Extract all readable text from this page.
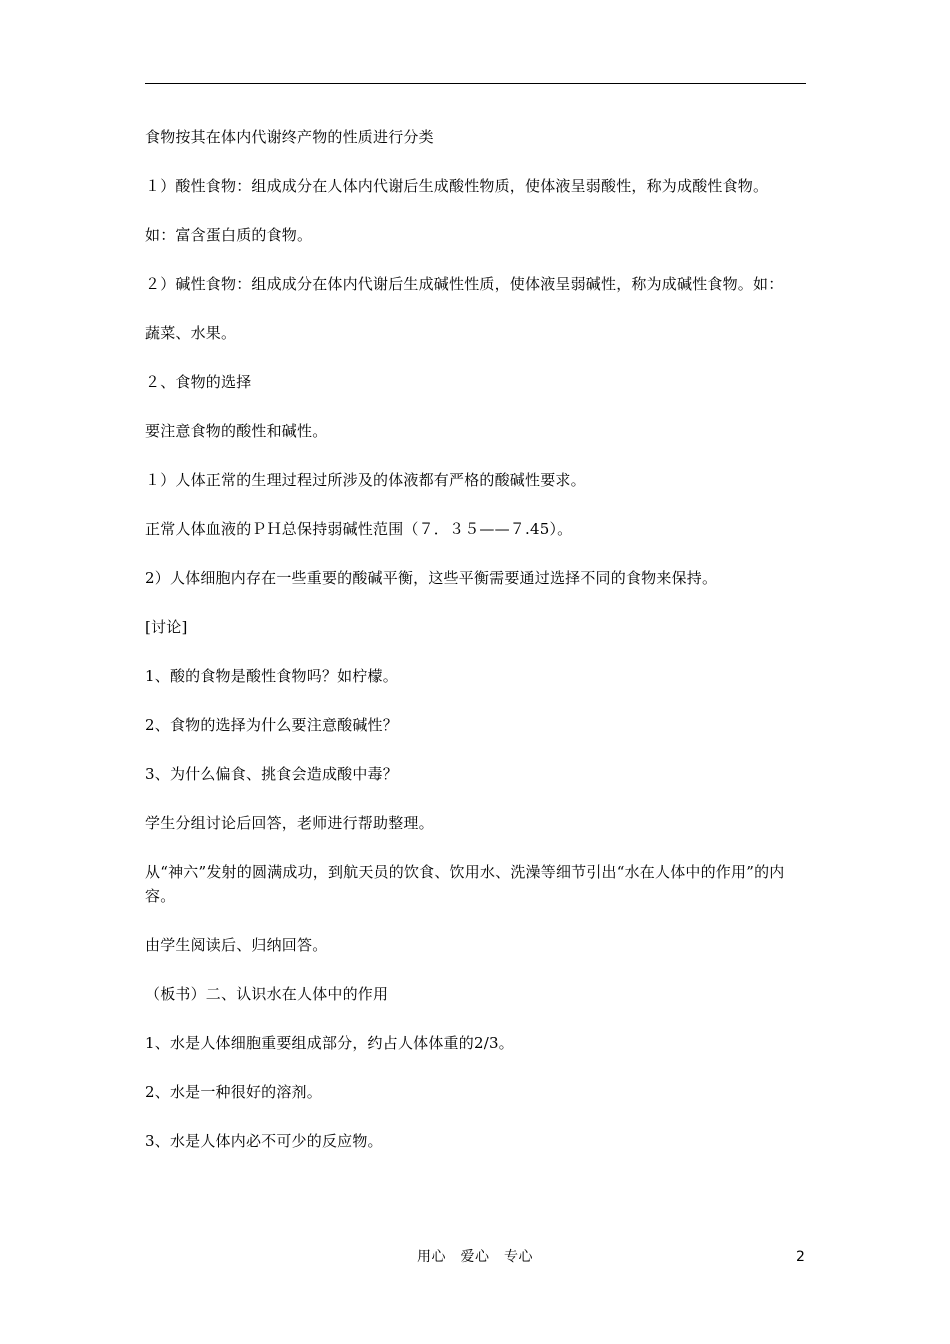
食物按其在体内代谢终产物的性质进行分类

１）酸性食物：组成成分在人体内代谢后生成酸性物质，使体液呈弱酸性，称为成酸性食物。

如：富含蛋白质的食物。

２）碱性食物：组成成分在体内代谢后生成碱性性质，使体液呈弱碱性，称为成碱性食物。如：

蔬菜、水果。

２、食物的选择

要注意食物的酸性和碱性。

１）人体正常的生理过程过所涉及的体液都有严格的酸碱性要求。

正常人体血液的ＰＨ总保持弱碱性范围（７．３５——７.45）。

2）人体细胞内存在一些重要的酸碱平衡，这些平衡需要通过选择不同的食物来保持。

[讨论]

1、酸的食物是酸性食物吗？如柠檬。

2、食物的选择为什么要注意酸碱性？

3、为什么偏食、挑食会造成酸中毒？

学生分组讨论后回答，老师进行帮助整理。

从“神六”发射的圆满成功，到航天员的饮食、饮用水、洗澡等细节引出“水在人体中的作用”的内容。

由学生阅读后、归纳回答。

（板书）二、认识水在人体中的作用

1、水是人体细胞重要组成部分，约占人体体重的2/3。

2、水是一种很好的溶剂。

3、水是人体内必不可少的反应物。

用心　爱心　专心	2
